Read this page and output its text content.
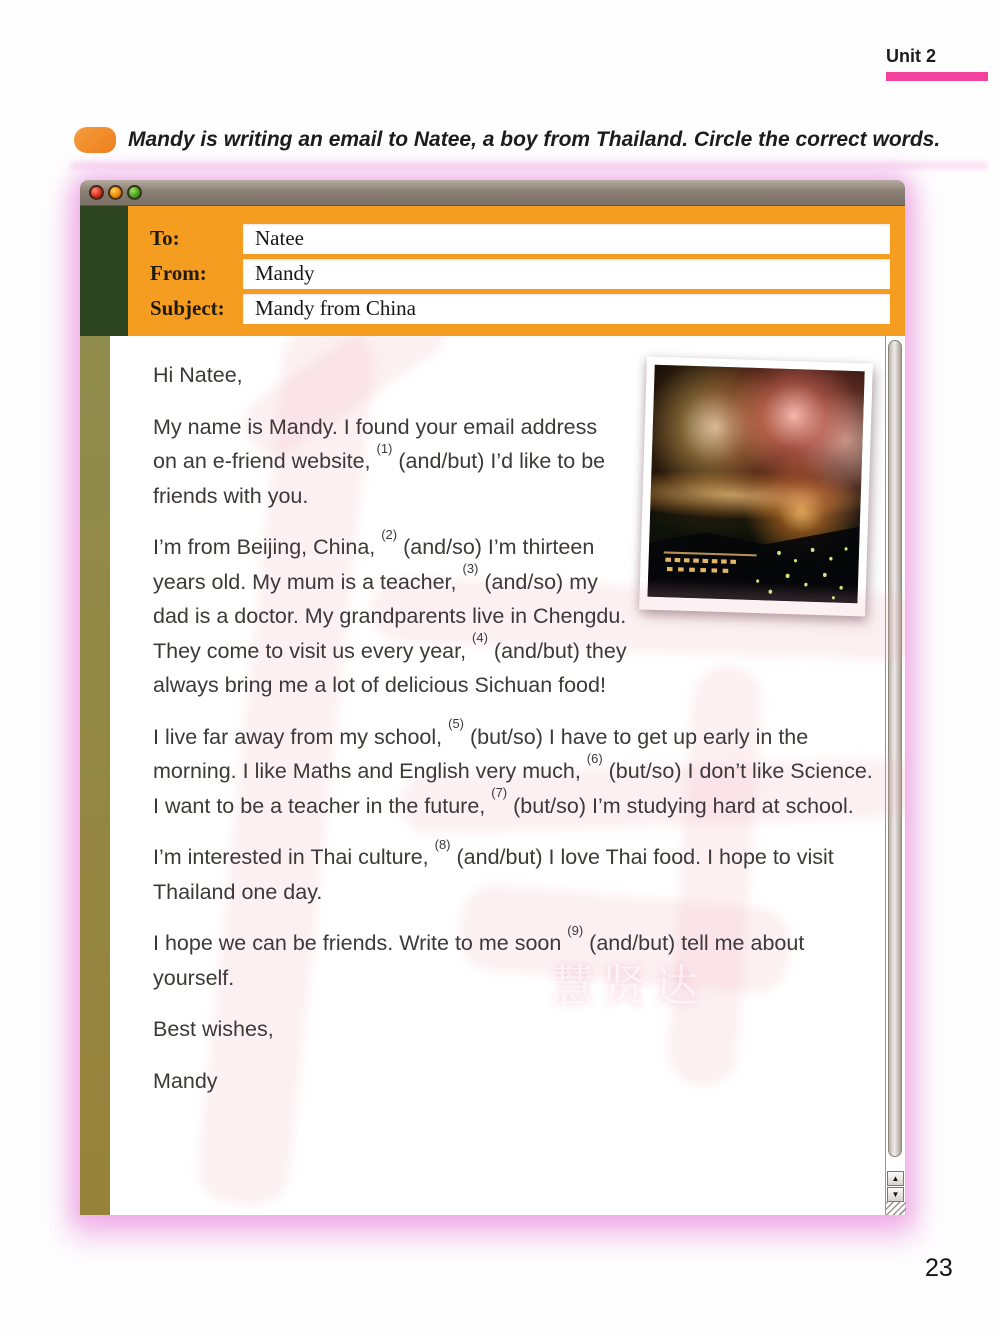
Unit 2
Mandy is writing an email to Natee, a boy from Thailand. Circle the correct words.
To:	Natee
From:	Mandy
Subject:	Mandy from China

Hi Natee,

My name is Mandy. I found your email address on an e-friend website, $^{(1)}$ (and/but) I’d like to be friends with you.

I’m from Beijing, China, $^{(2)}$ (and/so) I’m thirteen years old. My mum is a teacher, $^{(3)}$ (and/so) my dad is a doctor. My grandparents live in Chengdu. They come to visit us every year, $^{(4)}$ (and/but) they always bring me a lot of delicious Sichuan food!

I live far away from my school, $^{(5)}$ (but/so) I have to get up early in the morning. I like Maths and English very much, $^{(6)}$ (but/so) I don’t like Science. I want to be a teacher in the future, $^{(7)}$ (but/so) I’m studying hard at school.

I’m interested in Thai culture, $^{(8)}$ (and/but) I love Thai food. I hope to visit Thailand one day.

I hope we can be friends. Write to me soon $^{(9)}$ (and/but) tell me about yourself.

Best wishes,

Mandy

慧贤达
▲
▼
23
